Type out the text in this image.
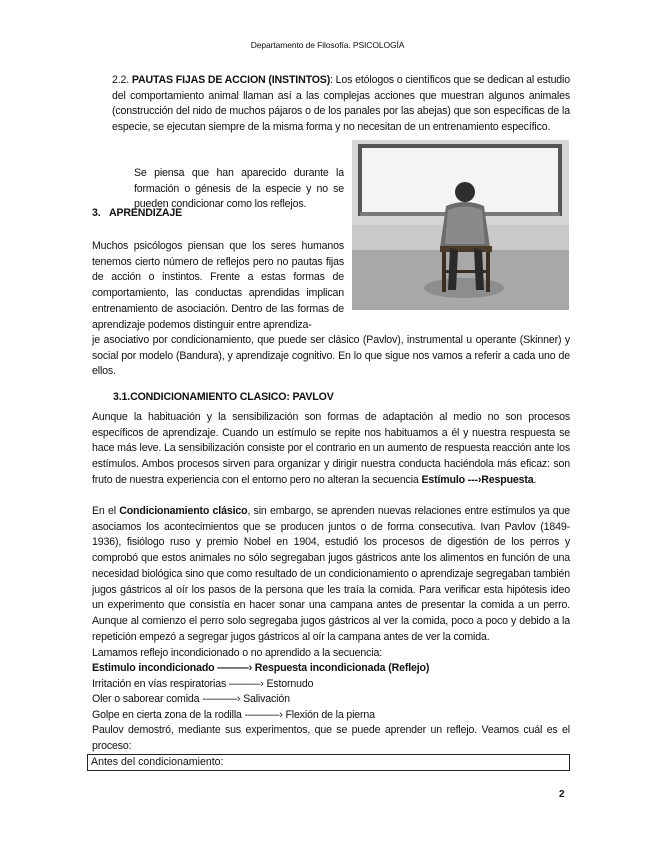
Departamento de Filosofía. PSICOLOGÍA
2.2. PAUTAS FIJAS DE ACCION (INSTINTOS): Los etólogos o científicos que se dedican al estudio del comportamiento animal llaman así a las complejas acciones que muestran algunos animales (construcción del nido de muchos pájaros o de los panales por las abejas) que son específicas de la especie, se ejecutan siempre de la misma forma y no necesitan de un entrenamiento específico.
Se piensa que han aparecido durante la formación o génesis de la especie y no se pueden condicionar como los reflejos.
3. APRENDIZAJE
Muchos psicólogos piensan que los seres humanos tenemos cierto número de reflejos pero no pautas fijas de acción o instintos. Frente a estas formas de comportamiento, las conductas aprendidas implican entrenamiento de asociación. Dentro de las formas de aprendizaje podemos distinguir entre aprendiza-
je asociativo por condicionamiento, que puede ser clásico (Pavlov), instrumental u operante (Skinner) y social por modelo (Bandura), y aprendizaje cognitivo. En lo que sigue nos vamos a referir a cada uno de ellos.
3.1.CONDICIONAMIENTO CLASICO: PAVLOV
Aunque la habituación y la sensibilización son formas de adaptación al medio no son procesos específicos de aprendizaje. Cuando un estímulo se repite nos habituamos a él y nuestra respuesta se hace más leve. La sensibilización consiste por el contrario en un aumento de respuesta reacción ante los estímulos. Ambos procesos sirven para organizar y dirigir nuestra conducta haciéndola más eficaz: son fruto de nuestra experiencia con el entorno pero no alteran la secuencia Estímulo ---›Respuesta.
En el Condicionamiento clásico, sin embargo, se aprenden nuevas relaciones entre estímulos ya que asociamos los acontecimientos que se producen juntos o de forma consecutiva. Ivan Pavlov (1849-1936), fisiólogo ruso y premio Nobel en 1904, estudió los procesos de digestión de los perros y comprobó que estos animales no sólo segregaban jugos gástricos ante los alimentos en función de una necesidad biológica sino que como resultado de un condicionamiento o aprendizaje segregaban también jugos gástricos al oír los pasos de la persona que les traía la comida. Para verificar esta hipótesis ideo un experimento que consistía en hacer sonar una campana antes de presentar la comida a un perro. Aunque al comienzo el perro solo segregaba jugos gástricos al ver la comida, poco a poco y debido a la repetición empezó a segregar jugos gástricos al oír la campana antes de ver la comida.
Lamamos reflejo incondicionado o no aprendido a la secuencia:
Estimulo incondicionado ———› Respuesta incondicionada (Reflejo)
Irritación en vías respiratorias ———› Estornudo
Oler o saborear comida -———› Salivación
Golpe en cierta zona de la rodilla -———› Flexión de la pierna
Paulov demostró, mediante sus experimentos, que se puede aprender un reflejo. Veamos cuál es el proceso:
Antes del condicionamiento:
2
